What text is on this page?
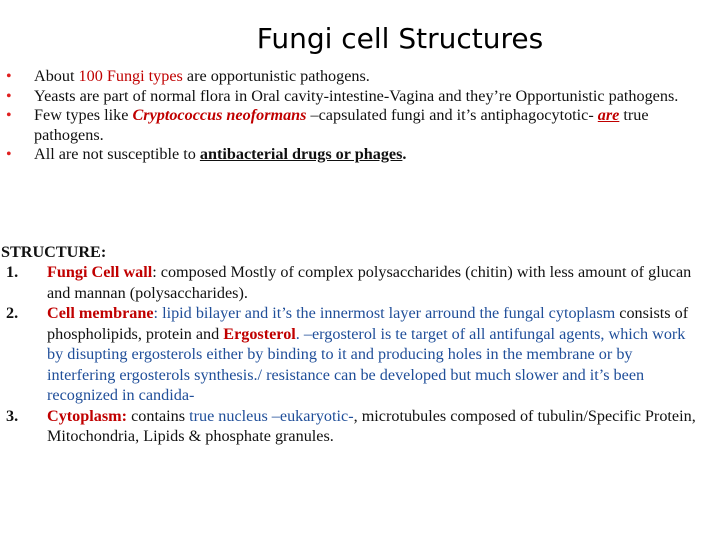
Fungi cell Structures

• About 100 Fungi types are opportunistic pathogens.

• Yeasts are part of normal flora in Oral cavity-intestine-Vagina and they’re Opportunistic pathogens.

• Few types like Cryptococcus neoformans –capsulated fungi and it’s antiphagocytotic- are true pathogens.

• All are not susceptible to antibacterial drugs or phages.

STRUCTURE:

1. Fungi Cell wall: composed Mostly of complex polysaccharides (chitin) with less amount of glucan and mannan (polysaccharides).

2. Cell membrane: lipid bilayer and it’s the innermost layer arround the fungal cytoplasm consists of phospholipids, protein and Ergosterol. –ergosterol is te target of all antifungal agents, which work by disupting ergosterols either by binding to it and producing holes in the membrane or by interfering ergosterols synthesis./ resistance can be developed but much slower and it’s been recognized in candida-

3. Cytoplasm: contains true nucleus –eukaryotic-, microtubules composed of tubulin/Specific Protein, Mitochondria, Lipids & phosphate granules.
